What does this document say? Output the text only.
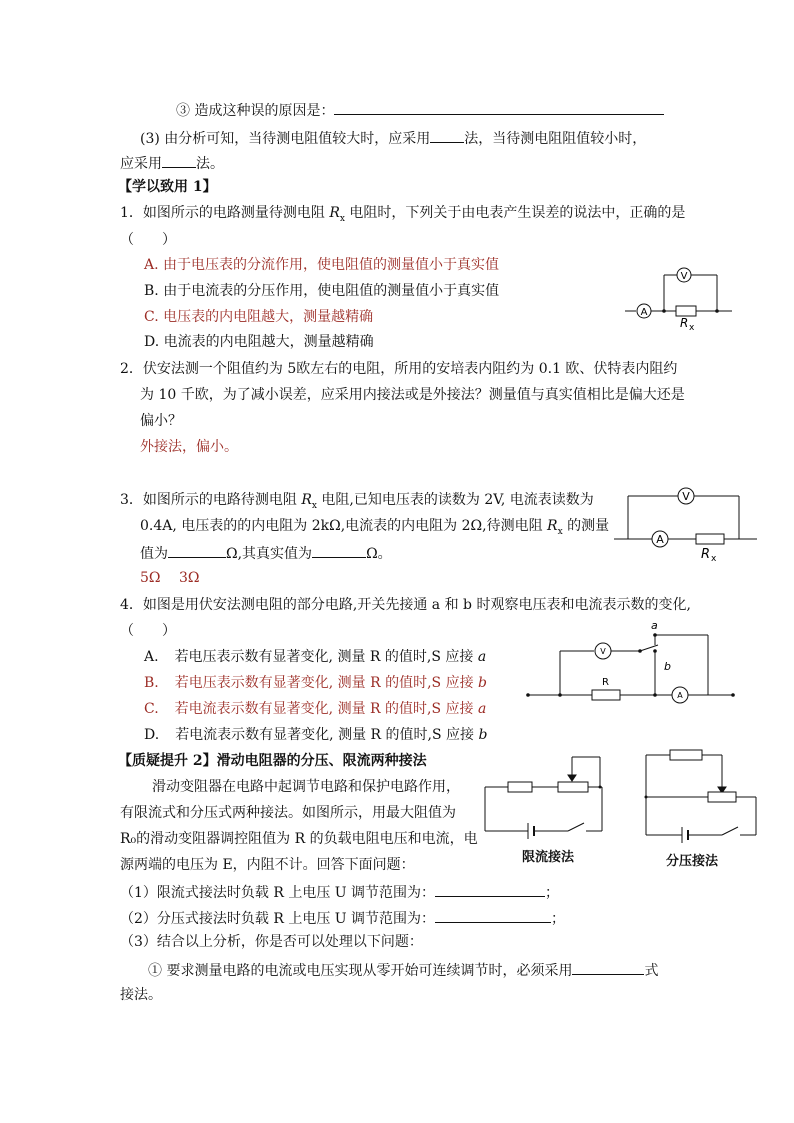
③ 造成这种误的原因是：
(3) 由分析可知，当待测电阻值较大时，应采用 法，当待测电阻阻值较小时，
应采用 法。
【学以致用 1】
1．如图所示的电路测量待测电阻 $R_x$ 电阻时，下列关于由电表产生误差的说法中，正确的是
（　　）
A. 由于电压表的分流作用，使电阻值的测量值小于真实值
B. 由于电流表的分压作用，使电阻值的测量值小于真实值
C. 电压表的内电阻越大，测量越精确
D. 电流表的内电阻越大，测量越精确
A
V
R x
2．伏安法测一个阻值约为 5欧左右的电阻，所用的安培表内阻约为 0.1 欧、伏特表内阻约
为 10 千欧，为了减小误差，应采用内接法或是外接法？测量值与真实值相比是偏大还是
偏小？
外接法，偏小。
3．如图所示的电路待测电阻 $R_x$ 电阻,已知电压表的读数为 2V, 电流表读数为
0.4A, 电压表的的内电阻为 2kΩ,电流表的内电阻为 2Ω,待测电阻 $R_x$ 的测量
值为	Ω,其真实值为	Ω。
5Ω　 3Ω
A
V
R x
4．如图是用伏安法测电阻的部分电路,开关先接通 a 和 b 时观察电压表和电流表示数的变化,
（　　）
A. 若电压表示数有显著变化, 测量 R 的值时,S 应接 a
B. 若电压表示数有显著变化, 测量 R 的值时,S 应接 b
C. 若电流表示数有显著变化, 测量 R 的值时,S 应接 a
D. 若电流表示数有显著变化, 测量 R 的值时,S 应接 b
V
A
R
a
b
【质疑提升 2】滑动电阻器的分压、限流两种接法
滑动变阻器在电路中起调节电路和保护电路作用，
有限流式和分压式两种接法。如图所示，用最大阻值为
R₀的滑动变阻器调控阻值为 R 的负载电阻电压和电流，电
源两端的电压为 E，内阻不计。回答下面问题：	限流接法	分压接法
（1）限流式接法时负载 R 上电压 U 调节范围为：	；
（2）分压式接法时负载 R 上电压 U 调节范围为：	；
（3）结合以上分析，你是否可以处理以下问题：
① 要求测量电路的电流或电压实现从零开始可连续调节时，必须采用	式
接法。
